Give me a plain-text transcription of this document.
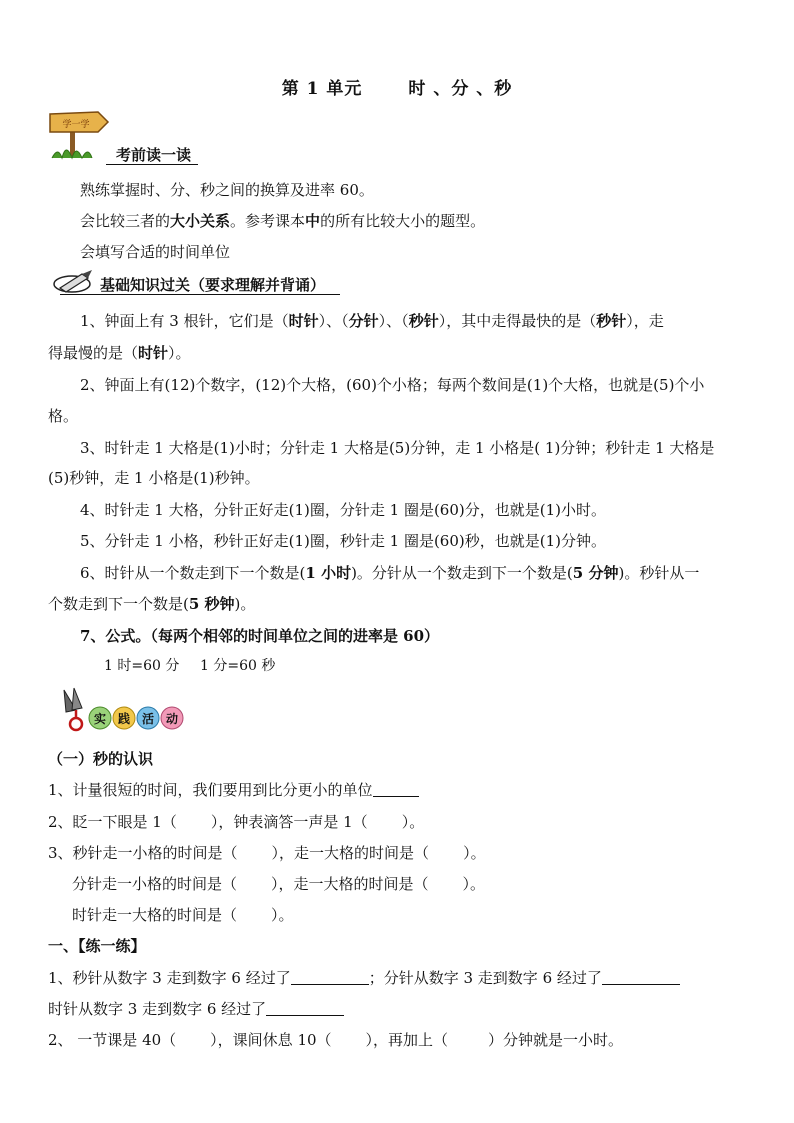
第 1 单元	时 、分 、秒
学一学
考前读一读
熟练掌握时、分、秒之间的换算及进率 60。
会比较三者的大小关系。参考课本中的所有比较大小的题型。
会填写合适的时间单位
基础知识过关（要求理解并背诵）
1、钟面上有 3 根针，它们是（时针）、（分针）、（秒针），其中走得最快的是（秒针），走
得最慢的是（时针）。
2、钟面上有(12)个数字，(12)个大格，(60)个小格；每两个数间是(1)个大格，也就是(5)个小
格。
3、时针走 1 大格是(1)小时；分针走 1 大格是(5)分钟，走 1 小格是( 1)分钟；秒针走 1 大格是
(5)秒钟，走 1 小格是(1)秒钟。
4、时针走 1 大格，分针正好走(1)圈，分针走 1 圈是(60)分，也就是(1)小时。
5、分针走 1 小格，秒针正好走(1)圈，秒针走 1 圈是(60)秒，也就是(1)分钟。
6、时针从一个数走到下一个数是(1 小时)。分针从一个数走到下一个数是(5 分钟)。秒针从一
个数走到下一个数是(5 秒钟)。
7、公式。（每两个相邻的时间单位之间的进率是 60）
1 时=60 分 1 分=60 秒
实 践 活 动
（一）秒的认识
1、计量很短的时间，我们要用到比分更小的单位
2、眨一下眼是 1（ ），钟表滴答一声是 1（ ）。
3、秒针走一小格的时间是（ ），走一大格的时间是（ ）。
分针走一小格的时间是（ ），走一大格的时间是（ ）。
时针走一大格的时间是（ ）。
一、【练一练】
1、秒针从数字 3 走到数字 6 经过了	；分针从数字 3 走到数字 6 经过了
时针从数字 3 走到数字 6 经过了
2、 一节课是 40（ ），课间休息 10（ ），再加上（	）分钟就是一小时。
